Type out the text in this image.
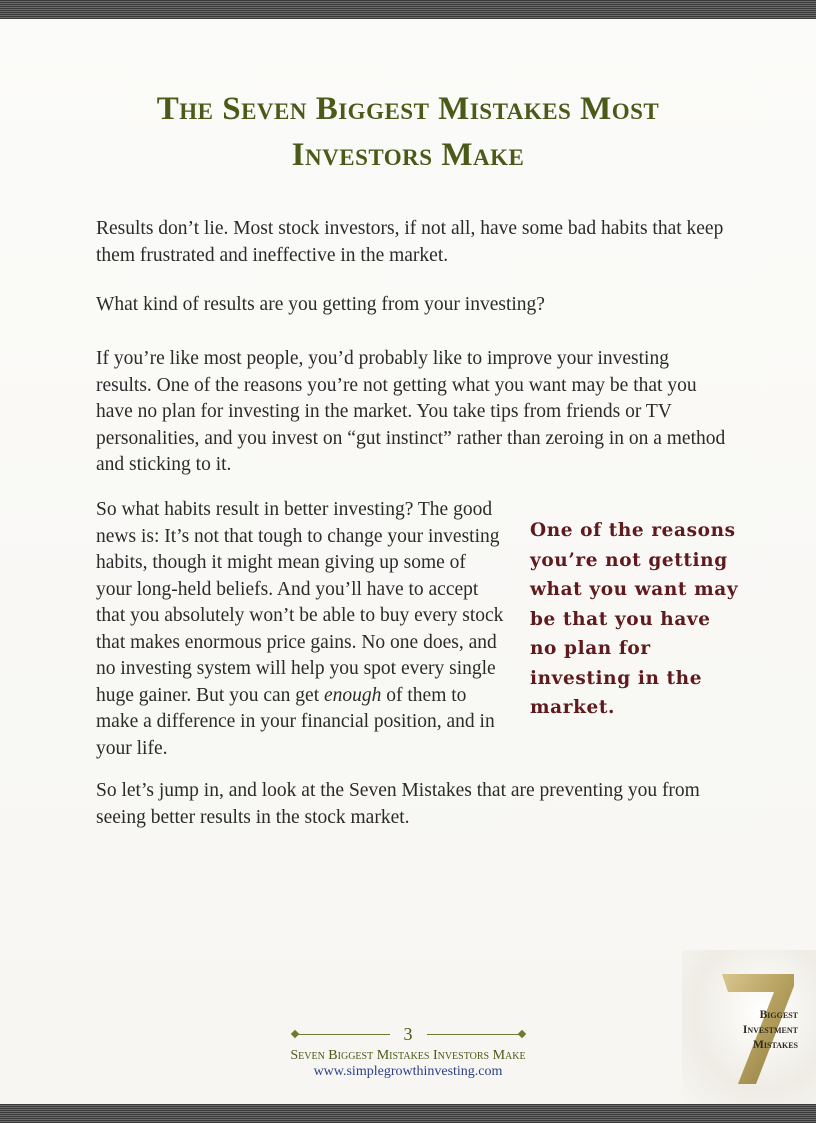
The Seven Biggest Mistakes Most Investors Make

Results don’t lie. Most stock investors, if not all, have some bad habits that keep them frustrated and ineffective in the market.

What kind of results are you getting from your investing?

If you’re like most people, you’d probably like to improve your investing results. One of the reasons you’re not getting what you want may be that you have no plan for investing in the market. You take tips from friends or TV personalities, and you invest on “gut instinct” rather than zeroing in on a method and sticking to it.

So what habits result in better investing? The good news is: It’s not that tough to change your investing habits, though it might mean giving up some of your long-held beliefs. And you’ll have to accept that you absolutely won’t be able to buy every stock that makes enormous price gains. No one does, and no investing system will help you spot every single huge gainer. But you can get enough of them to make a difference in your financial position, and in your life.

One of the reasons you’re not getting what you want may be that you have no plan for investing in the market.

So let’s jump in, and look at the Seven Mistakes that are preventing you from seeing better results in the stock market.

Biggest
Investment
Mistakes
3
Seven Biggest Mistakes Investors Make
www.simplegrowthinvesting.com
